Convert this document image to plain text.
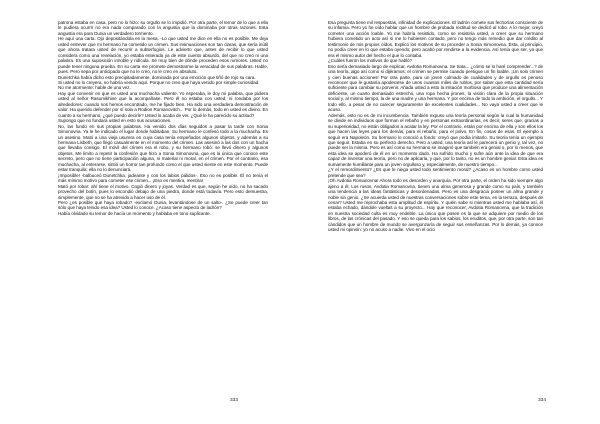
patrona estaba en casa, pero no lo hizo: su orgullo se lo impidió. Por otra parte, el temor de lo que a ella le pudiera ocurrir no era nada comparado con la angustia que la dominaba por otras razones. Esta angustia era para Dunia un verdadero tormento.

He aquí una carta. Ojo depositándola en la mesa. -Lo que usted me dice en ella no es posible. Me deja usted entrever que mi hermano ha cometido un crimen. Sus insinuaciones son tan claras, que sería inútil que ahora tratara usted de recurrir a subterfugios. Le advierto que, antes de recibir lo que usted considera como una revelación, yo estaba enterada ya de este cuento absurdo, del que no creo ni una palabra. Es una suposición innoble y ridícula. Sé muy bien de dónde proceden esos rumores. Usted no puede tener ninguna prueba. En su carta me promete demostrarme la veracidad de sus palabras. Hable, pues. Pero sepa por anticipado que no le creo, no le creo en absoluto.

Dunetchka había dicho esto precipitadamente, dominada por una emoción que tiñó de rojo su cara.

Si usted no lo creyera, no habría venido aquí. Porque no creo que haya venido por simple curiosidad.

No me atormente: hable de una vez.

Hay que convenir en que es usted una muchacha valiente. Yo esperaba, le doy mi palabra, que pidiera usted al señor Rasumikhine que la acompañase. Pero él no estaba con usted, ni rondaba por los alrededores: cuando nos hemos encontrado, me he fijado bien. Ha sido una verdadera demostración de valor. Ha querido defender por sí sola a Rodion Romanovitch... Por lo demás, todo en usted es divino. En cuanto a su hermano, ¿qué puedo decirle? Usted lo acaba de ver. ¿Qué le ha parecido su actitud?

Supongo que no fundará usted en esto sus acusaciones.

No, las fundo en sus propias palabras. Ha venido dos días seguidos a pasar la tarde con Sonia Simonovna. Ya le he indicado el lugar donde habitaban. Su hermano le confesó todo a la muchacha. Es un asesino. Mató a una vieja usurera en cuya casa tenía empeñados algunos objetos, y además a su hermana Lisbeth, que llegó casualmente en el momento del crimen. Las asesinó a las dos con un hacha que llevaba consigo. El móvil del crimen era el robo, y su hermano robó: se llevó dinero y algunos objetos. Me limito a repetir la confesión que hizo a Sonia Simonovna, que es la única que conoce este secreto, pero que no tiene participación alguna, ni material ni moral, en el crimen. Por el contrario, esa muchacha, al enterarse, sintió un horror tan profundo como el que usted siente en este momento. Puede estar tranquila: ella no lo denunciará.

¡Imposible! -balbuceó Dunetchka, jadeante y con los labios pálidos-. Eso no es posible. Él no tenía el más mínimo motivo para cometer ese crimen... ¡Eso es mentira, mentira!

Mató por robar: ahí tiene el motivo. Cogió dinero y joyas. Verdad es que, según he oído, no ha sacado provecho del botín, pues lo escondió debajo de una piedra, donde está todavía. Pero esto demuestra, simplemente, que no se ha atrevido a hacer uso de él.

Pero ¿es posible que haya robado? -exclamó Dunia, levantándose de un salto-. ¿Se puede creer tan sólo que haya tenido esa idea? Usted lo conoce. ¿Acaso tiene aspecto de ladrón?

Había olvidado su temor de hacía un momento y hablaba en tono suplicante.

333

Esa pregunta tiene mil respuestas, infinidad de explicaciones. El ladrón comete sus fechorías consciente de su infamia. Pero yo he oído hablar que un hombre de probada rectitud se dedicó al robo. A lo mejor, creyó cometer una acción loable. Yo me habría resistido, como se resistiría usted, a creer que su hermano hubiera cometido un acto así si me lo hubiesen contado; pero no tengo más remedio que dar crédito al testimonio de mis propios oídos. Explicó los motivos de su proceder a Sonia Simonovna. Ésta, al principio, no podía creer en lo que estaba oyendo; pero acabó por rendirse a la evidencia. Así tenía que ser, ya que era el mismo autor del hecho el que lo contaba.

¿Cuáles fueron los motivos de que habló?

Eso sería demasiado largo de explicar, Avdotia Romanovna. Se trata... ¿cómo se lo haré comprender...? de una teoría, algo así como si dijéramos: el crimen se permite cuando persigue un fin loable. ¡Un solo crimen y cien buenas acciones! Por otra parte, para un joven colmado de cualidades y de orgullo es penoso reconocer que le gustaría apoderarse de unos cuantos miles de rublos, por saber que esta cantidad sería suficiente para cambiar su porvenir. Añada usted a esto la irritación morbosa que produce una alimentación deficiente, un cuarto demasiado estrecho, una ropa hecha jirones, la visión clara de la propia situación social y, al mismo tiempo, la de una madre y una hermana. Y por encima de todo la ambición, el orgullo... Y todo ello, a pesar de no carecer seguramente de excelentes cualidades... No vaya usted a creer que le acuso.

Además, esto no es de mi incumbencia. También expuso una teoría personal según la cual la humanidad se divide en individuos que forman el rebaño y en personas extraordinarias, es decir, seres que, gracias a su superioridad, no están obligados a acatar la ley. Por el contrario, están por encima de ella y son ellos los que hacen las leyes para los demás, para el rebaño, para el polvo. En fin, cosas de esas. El ejemplo a seguir era Napoleón. Su hermano lo conoció a fondo: creyó que podía imitarlo. Su teoría tenía un ejemplo que seguir. Estaba en su perfecto derecho. Pero a usted, una teoría así le parecerá un genio y, tal vez, no puede ser la misma. Pero es así como su hermano se imaginó que también era genial o, por lo menos, que esta idea se apoderó de él en un momento dado. Ha sufrido mucho y sufre aún ante la idea de que era capaz de inventar una teoría, pero no de aplicarla, y que, por lo tanto, no es un hombre genial. Esta idea es sumamente humillante para un joven orgulloso y, especialmente, de nuestro tiempo...

¿Y el remordimiento? ¿Es que le niega usted todo sentimiento moral? ¿Acaso es un hombre como usted pretende que sea?

¡Oh Avdotia Romanovna! Ahora todo es desorden y anarquía. Por otra parte, el orden ha sido siempre algo ajeno a él. Los rusos, Avdotia Romanovna, tienen una alma generosa y grande como su país, y también una tendencia a las ideas fantásticas y desordenadas. Pero es una desgracia poseer un alma grande y noble sin genio. ¿Se acuerda usted de nuestras conversaciones sobre este tema, en la terraza, después de cenar? Usted me reprochaba esta amplitud de espíritu. Y quién sabe si mientras usted me hablaba así, él estaba echado, dándole vueltas a su proyecto... Hay que reconocer, Avdotia Romanovna, que la tradición en nuestra sociedad culta es muy endeble. La única que posee es la que se adquiere por medio de los libros, de las crónicas del pasado. Y eso se queda para los sabios, los eruditos, que, por otra parte, son tan cándidos que un hombre de mundo se avergonzaría de seguir sus enseñanzas. Por lo demás, ya conoce usted mi opinión: yo no acuso a nadie. Vivo en el ocio

334
